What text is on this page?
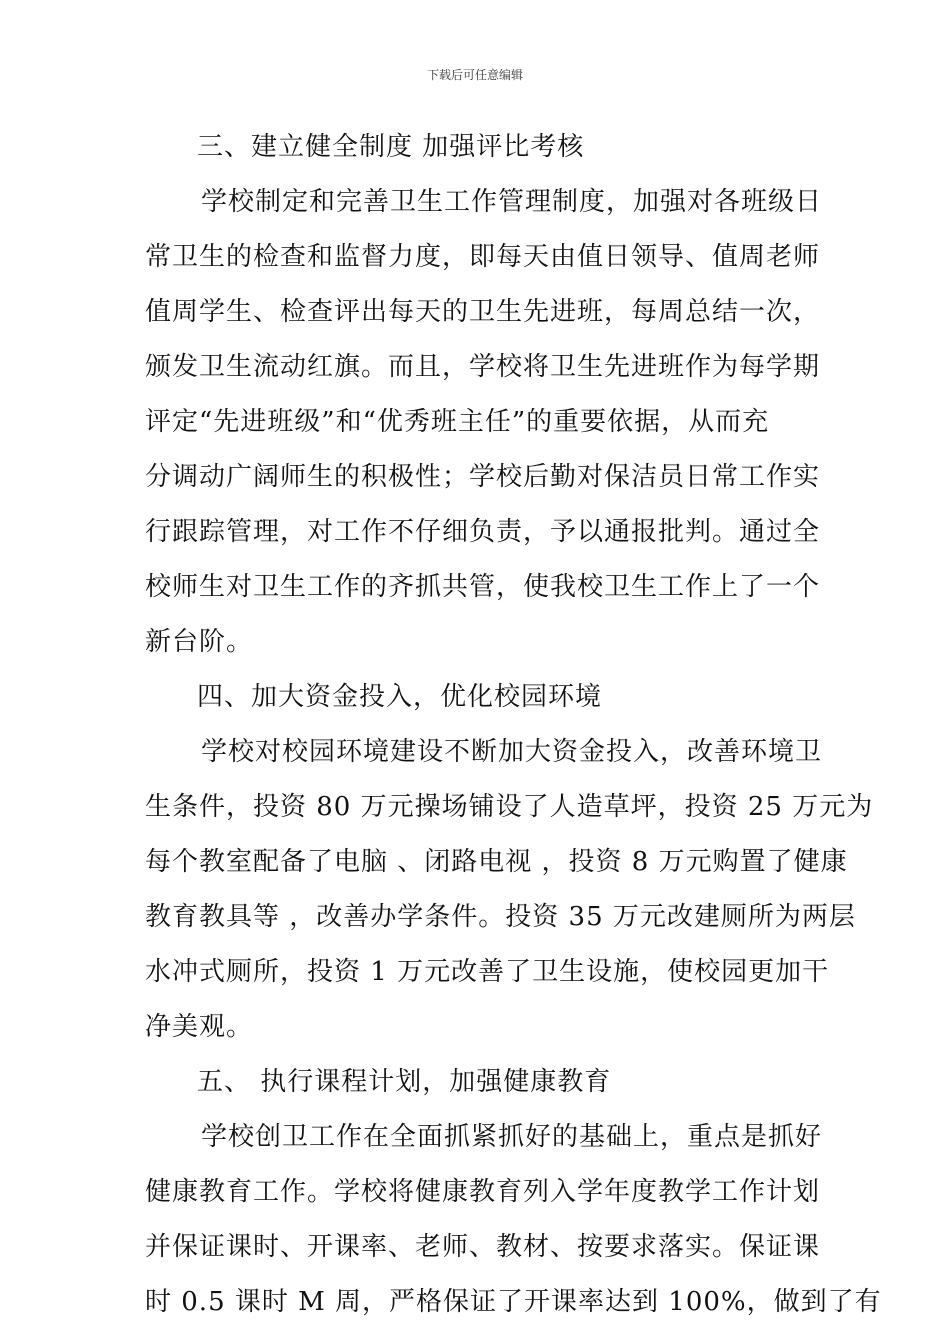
下载后可任意编辑
三、建立健全制度 加强评比考核
学校制定和完善卫生工作管理制度，加强对各班级日
常卫生的检查和监督力度，即每天由值日领导、值周老师
值周学生、检查评出每天的卫生先进班，每周总结一次，
颁发卫生流动红旗。而且，学校将卫生先进班作为每学期
评定“先进班级”和“优秀班主任”的重要依据，从而充
分调动广阔师生的积极性；学校后勤对保洁员日常工作实
行跟踪管理，对工作不仔细负责，予以通报批判。通过全
校师生对卫生工作的齐抓共管，使我校卫生工作上了一个
新台阶。
四、加大资金投入，优化校园环境
学校对校园环境建设不断加大资金投入，改善环境卫
生条件，投资 80 万元操场铺设了人造草坪，投资 25 万元为
每个教室配备了电脑 、闭路电视 ，投资 8 万元购置了健康
教育教具等 ，改善办学条件。投资 35 万元改建厕所为两层
水冲式厕所，投资 1 万元改善了卫生设施，使校园更加干
净美观。
五、 执行课程计划，加强健康教育
学校创卫工作在全面抓紧抓好的基础上，重点是抓好
健康教育工作。学校将健康教育列入学年度教学工作计划
并保证课时、开课率、老师、教材、按要求落实。保证课
时 0.5 课时 M 周，严格保证了开课率达到 100%，做到了有
